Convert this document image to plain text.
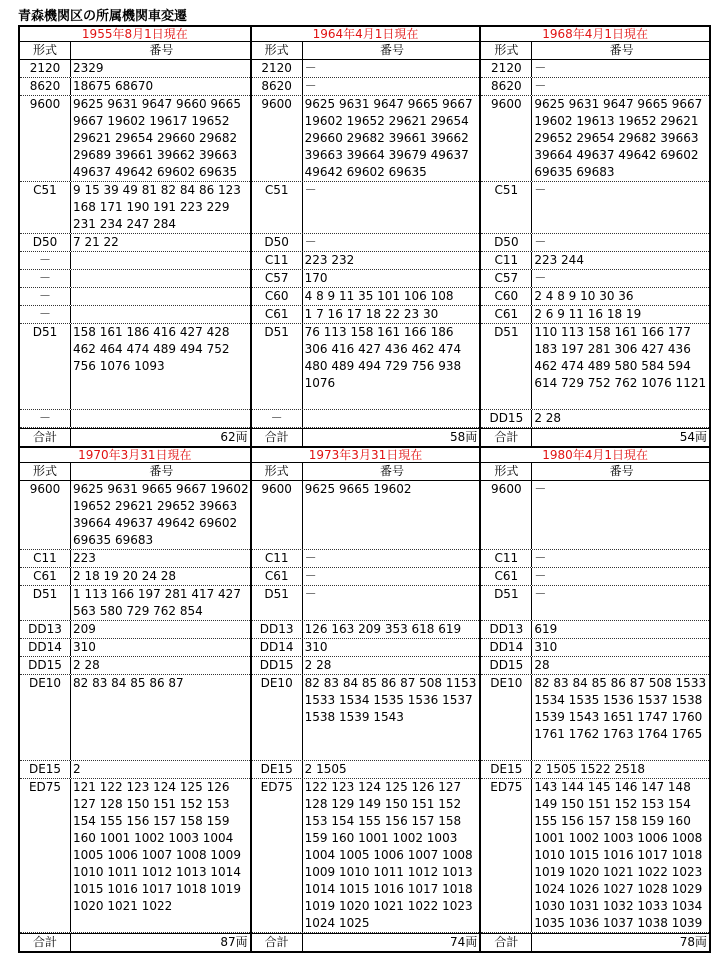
青森機関区の所属機関車変遷
1955年8月1日現在
形式	番号
2120	2329
8620	18675 68670
9600	9625 9631 9647 9660 9665 9667 19602 19617 19652 29621 29654 29660 29682 29689 39661 39662 39663 49637 49642 69602 69635
C51	9 15 39 49 81 82 84 86 123 168 171 190 191 223 229 231 234 247 284
D50	7 21 22
－
－
－
－
D51	158 161 186 416 427 428 462 464 474 489 494 752 756 1076 1093
－
合計	62両
1964年4月1日現在
形式	番号
2120	－
8620	－
9600	9625 9631 9647 9665 9667 19602 19652 29621 29654 29660 29682 39661 39662 39663 39664 39679 49637 49642 69602 69635
C51	－
D50	－
C11	223 232
C57	170
C60	4 8 9 11 35 101 106 108
C61	1 7 16 17 18 22 23 30
D51	76 113 158 161 166 186 306 416 427 436 462 474 480 489 494 729 756 938 1076
－
合計	58両
1968年4月1日現在
形式	番号
2120	－
8620	－
9600	9625 9631 9647 9665 9667 19602 19613 19652 29621 29652 29654 29682 39663 39664 49637 49642 69602 69635 69683
C51	－
D50	－
C11	223 244
C57	－
C60	2 4 8 9 10 30 36
C61	2 6 9 11 16 18 19
D51	110 113 158 161 166 177 183 197 281 306 427 436 462 474 489 580 584 594 614 729 752 762 1076 1121
DD15 2 28
合計	54両
1970年3月31日現在
形式	番号
9600	9625 9631 9665 9667 19602 19652 29621 29652 39663 39664 49637 49642 69602 69635 69683
C11	223
C61	2 18 19 20 24 28
D51	1 113 166 197 281 417 427 563 580 729 762 854
DD13 209
DD14 310
DD15 2 28
DE10 82 83 84 85 86 87
DE15 2
ED75 121 122 123 124 125 126 127 128 150 151 152 153 154 155 156 157 158 159 160 1001 1002 1003 1004 1005 1006 1007 1008 1009 1010 1011 1012 1013 1014 1015 1016 1017 1018 1019 1020 1021 1022
合計	87両
1973年3月31日現在
形式	番号
9600	9625 9665 19602
C11	－
C61	－
D51	－
DD13 126 163 209 353 618 619
DD14 310
DD15 2 28
DE10 82 83 84 85 86 87 508 1153 1533 1534 1535 1536 1537 1538 1539 1543
DE15 2 1505
ED75 122 123 124 125 126 127 128 129 149 150 151 152 153 154 155 156 157 158 159 160 1001 1002 1003 1004 1005 1006 1007 1008 1009 1010 1011 1012 1013 1014 1015 1016 1017 1018 1019 1020 1021 1022 1023 1024 1025
合計	74両
1980年4月1日現在
形式	番号
9600	－
C11	－
C61	－
D51	－
DD13 619
DD14 310
DD15 28
DE10 82 83 84 85 86 87 508 1533 1534 1535 1536 1537 1538 1539 1543 1651 1747 1760 1761 1762 1763 1764 1765
DE15 2 1505 1522 2518
ED75 143 144 145 146 147 148 149 150 151 152 153 154 155 156 157 158 159 160 1001 1002 1003 1006 1008 1010 1015 1016 1017 1018 1019 1020 1021 1022 1023 1024 1026 1027 1028 1029 1030 1031 1032 1033 1034 1035 1036 1037 1038 1039
合計	78両
